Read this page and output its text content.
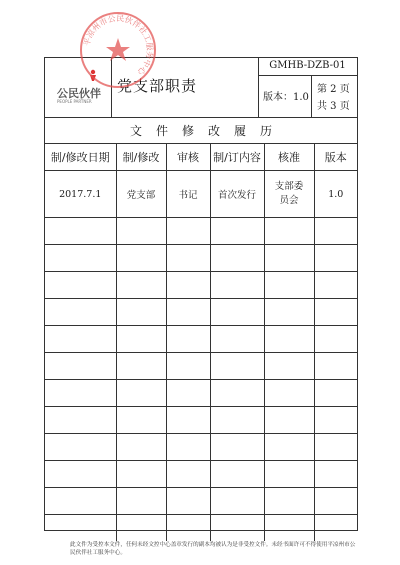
公民伙伴
PEOPLE PARTNER
党支部职责
GMHB-DZB-01
版本：1.0
第 2 页
共 3 页
文件修改履历
制/修改日期	制/修改	审核	制/订内容	核准	版本
2017.7.1	党支部	书记	首次发行	支部委员会	1.0

平凉州市公民伙伴社工服务中心
此文件为受控本文件，任何未经文控中心盖章发行的副本均被认为是非受控文件。未经书面许可不得使用平凉州市公民伙伴社工服务中心。
